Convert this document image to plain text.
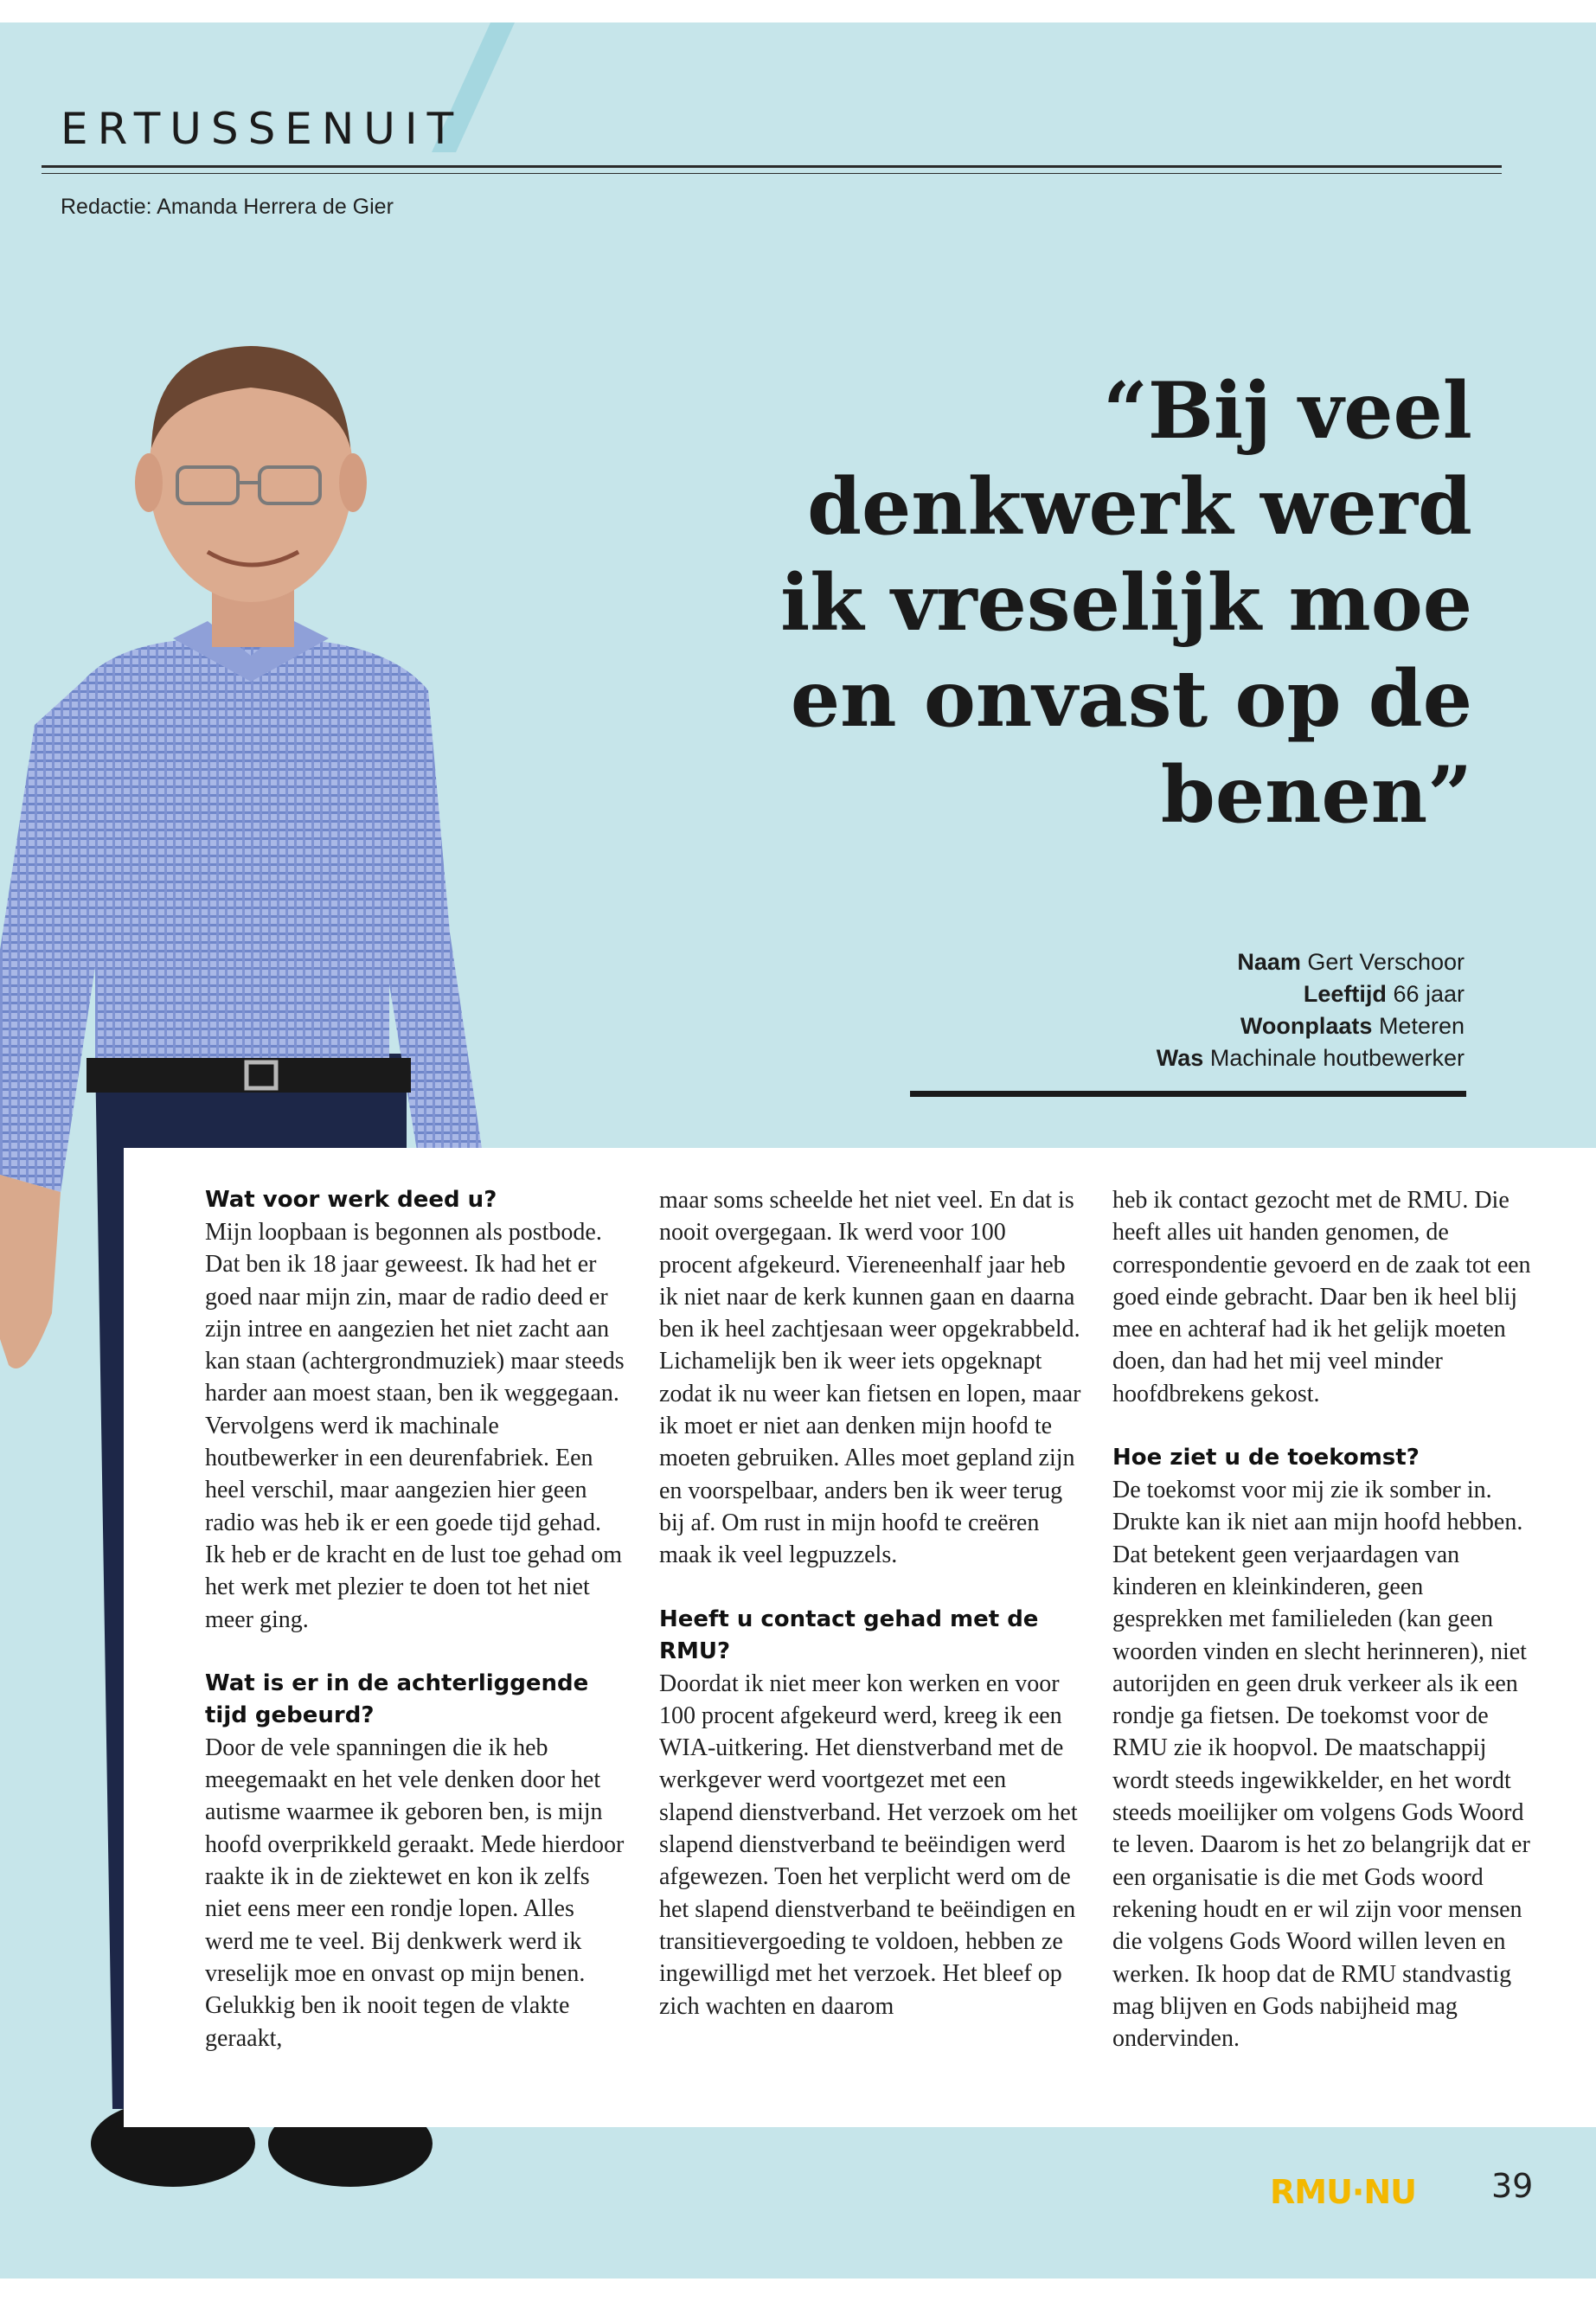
ERTUSSENUIT
Redactie: Amanda Herrera de Gier
“Bij veel denkwerk werd ik vreselijk moe en onvast op de benen”
Naam Gert Verschoor
Leeftijd 66 jaar
Woonplaats Meteren
Was Machinale houtbewerker
Wat voor werk deed u?

Mijn loopbaan is begonnen als postbode. Dat ben ik 18 jaar geweest. Ik had het er goed naar mijn zin, maar de radio deed er zijn intree en aangezien het niet zacht aan kan staan (achtergrondmuziek) maar steeds harder aan moest staan, ben ik weggegaan. Vervolgens werd ik machinale houtbewerker in een deurenfabriek. Een heel verschil, maar aangezien hier geen radio was heb ik er een goede tijd gehad. Ik heb er de kracht en de lust toe gehad om het werk met plezier te doen tot het niet meer ging.

Wat is er in de achterliggende tijd gebeurd?

Door de vele spanningen die ik heb meegemaakt en het vele denken door het autisme waarmee ik geboren ben, is mijn hoofd overprikkeld geraakt. Mede hierdoor raakte ik in de ziektewet en kon ik zelfs niet eens meer een rondje lopen. Alles werd me te veel. Bij denkwerk werd ik vreselijk moe en onvast op mijn benen. Gelukkig ben ik nooit tegen de vlakte geraakt,

maar soms scheelde het niet veel. En dat is nooit overgegaan. Ik werd voor 100 procent afgekeurd. Viereneenhalf jaar heb ik niet naar de kerk kunnen gaan en daarna ben ik heel zachtjesaan weer opgekrabbeld. Lichamelijk ben ik weer iets opgeknapt zodat ik nu weer kan fietsen en lopen, maar ik moet er niet aan denken mijn hoofd te moeten gebruiken. Alles moet gepland zijn en voorspelbaar, anders ben ik weer terug bij af. Om rust in mijn hoofd te creëren maak ik veel legpuzzels.

Heeft u contact gehad met de RMU?

Doordat ik niet meer kon werken en voor 100 procent afgekeurd werd, kreeg ik een WIA-uitkering. Het dienstverband met de werkgever werd voortgezet met een slapend dienstverband. Het verzoek om het slapend dienstverband te beëindigen werd afgewezen. Toen het verplicht werd om de het slapend dienstverband te beëindigen en transitievergoeding te voldoen, hebben ze ingewilligd met het verzoek. Het bleef op zich wachten en daarom

heb ik contact gezocht met de RMU. Die heeft alles uit handen genomen, de correspondentie gevoerd en de zaak tot een goed einde gebracht. Daar ben ik heel blij mee en achteraf had ik het gelijk moeten doen, dan had het mij veel minder hoofdbrekens gekost.

Hoe ziet u de toekomst?

De toekomst voor mij zie ik somber in. Drukte kan ik niet aan mijn hoofd hebben. Dat betekent geen verjaardagen van kinderen en kleinkinderen, geen gesprekken met familieleden (kan geen woorden vinden en slecht herinneren), niet autorijden en geen druk verkeer als ik een rondje ga fietsen. De toekomst voor de RMU zie ik hoopvol. De maatschappij wordt steeds ingewikkelder, en het wordt steeds moeilijker om volgens Gods Woord te leven. Daarom is het zo belangrijk dat er een organisatie is die met Gods woord rekening houdt en er wil zijn voor mensen die volgens Gods Woord willen leven en werken. Ik hoop dat de RMU standvastig mag blijven en Gods nabijheid mag ondervinden.

RMU·NU 39
